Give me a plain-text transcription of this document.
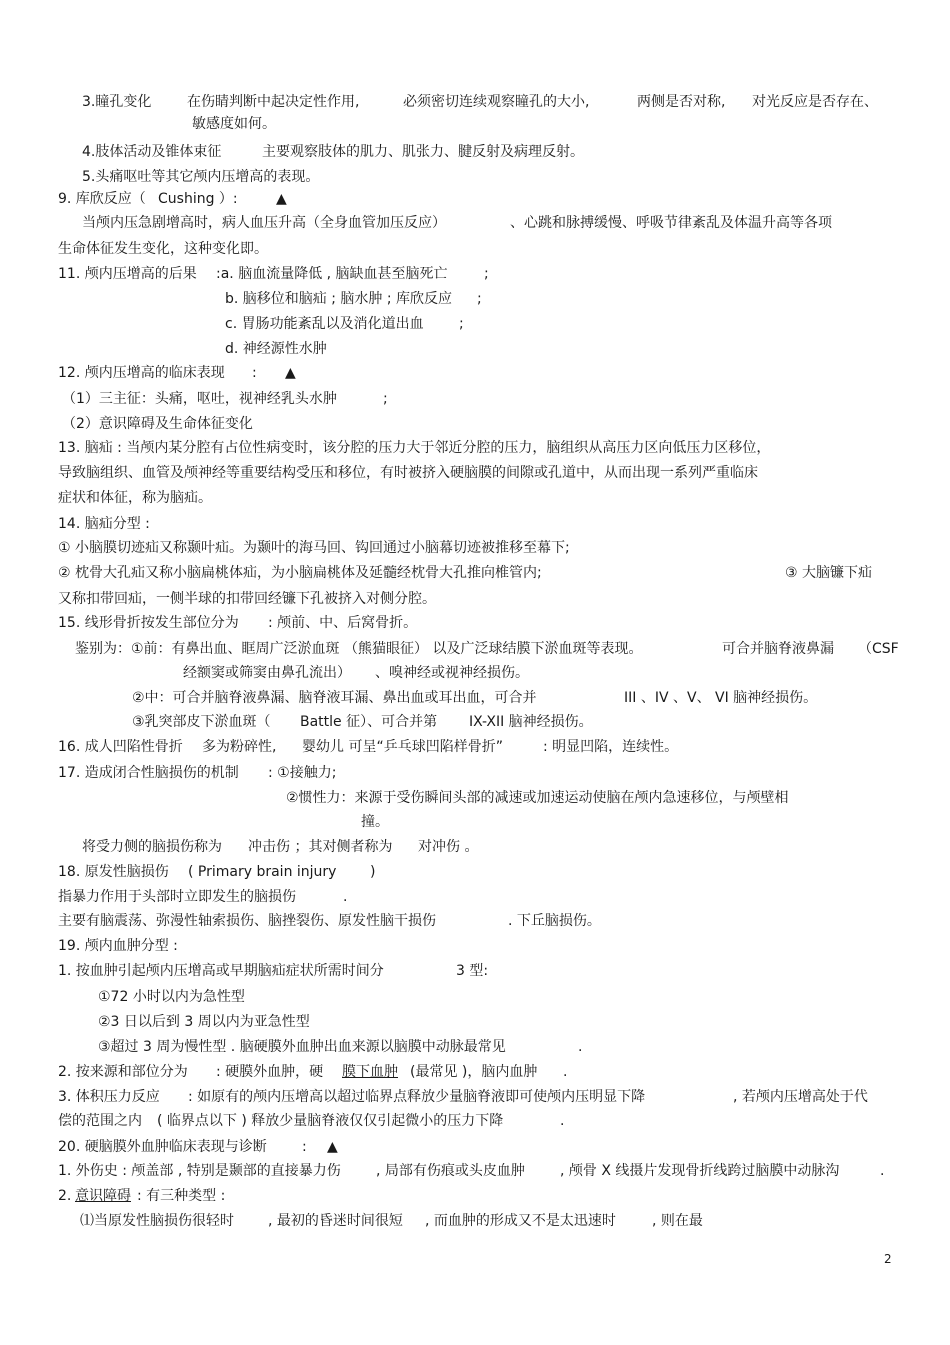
3.瞳孔变化	在伤睛判断中起决定性作用,	必须密切连续观察瞳孔的大小,	两侧是否对称, 对光反应是否存在、
敏感度如何。
4.肢体活动及锥体束征	主要观察肢体的肌力、肌张力、腱反射及病理反射。
5.头痛呕吐等其它颅内压增高的表现。
9. 库欣反应（ Cushing ）:	▲
当颅内压急剧增高时，病人血压升高（全身血管加压反应）	、心跳和脉搏缓慢、呼吸节律紊乱及体温升高等各项
生命体征发生变化，这种变化即。
11. 颅内压增高的后果 :a. 脑血流量降低 , 脑缺血甚至脑死亡	;
b. 脑移位和脑疝 ; 脑水肿 ; 库欣反应 ;
c. 胃肠功能紊乱以及消化道出血	;
d. 神经源性水肿
12. 颅内压增高的临床表现 : ▲
（1）三主征：头痛，呕吐，视神经乳头水肿	;
（2）意识障碍及生命体征变化
13. 脑疝 : 当颅内某分腔有占位性病变时，该分腔的压力大于邻近分腔的压力，脑组织从高压力区向低压力区移位，
导致脑组织、血管及颅神经等重要结构受压和移位，有时被挤入硬脑膜的间隙或孔道中，从而出现一系列严重临床
症状和体征，称为脑疝。
14. 脑疝分型 :
① 小脑膜切迹疝又称颞叶疝。为颞叶的海马回、钩回通过小脑幕切迹被推移至幕下;
② 枕骨大孔疝又称小脑扁桃体疝，为小脑扁桃体及延髓经枕骨大孔推向椎管内;	③ 大脑镰下疝
又称扣带回疝，一侧半球的扣带回经镰下孔被挤入对侧分腔。
15. 线形骨折按发生部位分为 : 颅前、中、后窝骨折。
鉴别为：①前：有鼻出血、眶周广泛淤血斑 （熊猫眼征） 以及广泛球结膜下淤血斑等表现。	可合并脑脊液鼻漏 （CSF
经额窦或筛窦由鼻孔流出） 、嗅神经或视神经损伤。
②中：可合并脑脊液鼻漏、脑脊液耳漏、鼻出血或耳出血，可合并	III 、IV 、V、 VI 脑神经损伤。
③乳突部皮下淤血斑（ Battle 征）、可合并第 IX-XII 脑神经损伤。
16. 成人凹陷性骨折 多为粉碎性, 婴幼儿 可呈“乒乓球凹陷样骨折”	: 明显凹陷，连续性。
17. 造成闭合性脑损伤的机制 : ①接触力;
②惯性力：来源于受伤瞬间头部的减速或加速运动使脑在颅内急速移位，与颅壁相
撞。
将受力侧的脑损伤称为 冲击伤 ；其对侧者称为 对冲伤 。
18. 原发性脑损伤 ( Primary brain injury )
指暴力作用于头部时立即发生的脑损伤	.
主要有脑震荡、弥漫性轴索损伤、脑挫裂伤、原发性脑干损伤	. 下丘脑损伤。
19. 颅内血肿分型 :
1. 按血肿引起颅内压增高或早期脑疝症状所需时间分	3 型:
①72 小时以内为急性型
②3 日以后到 3 周以内为亚急性型
③超过 3 周为慢性型 . 脑硬膜外血肿出血来源以脑膜中动脉最常见	.
2. 按来源和部位分为 : 硬膜外血肿，硬 膜下血肿 (最常见 )，脑内血肿 .
3. 体积压力反应 : 如原有的颅内压增高以超过临界点释放少量脑脊液即可使颅内压明显下降	, 若颅内压增高处于代
偿的范围之内 ( 临界点以下 ) 释放少量脑脊液仅仅引起微小的压力下降	.
20. 硬脑膜外血肿临床表现与诊断	: ▲
1. 外伤史 : 颅盖部 , 特别是颞部的直接暴力伤	, 局部有伤痕或头皮血肿	, 颅骨 X 线摄片发现骨折线跨过脑膜中动脉沟	.
2. 意识障碍 : 有三种类型 :
⑴当原发性脑损伤很轻时 , 最初的昏迷时间很短 , 而血肿的形成又不是太迅速时	, 则在最
2
